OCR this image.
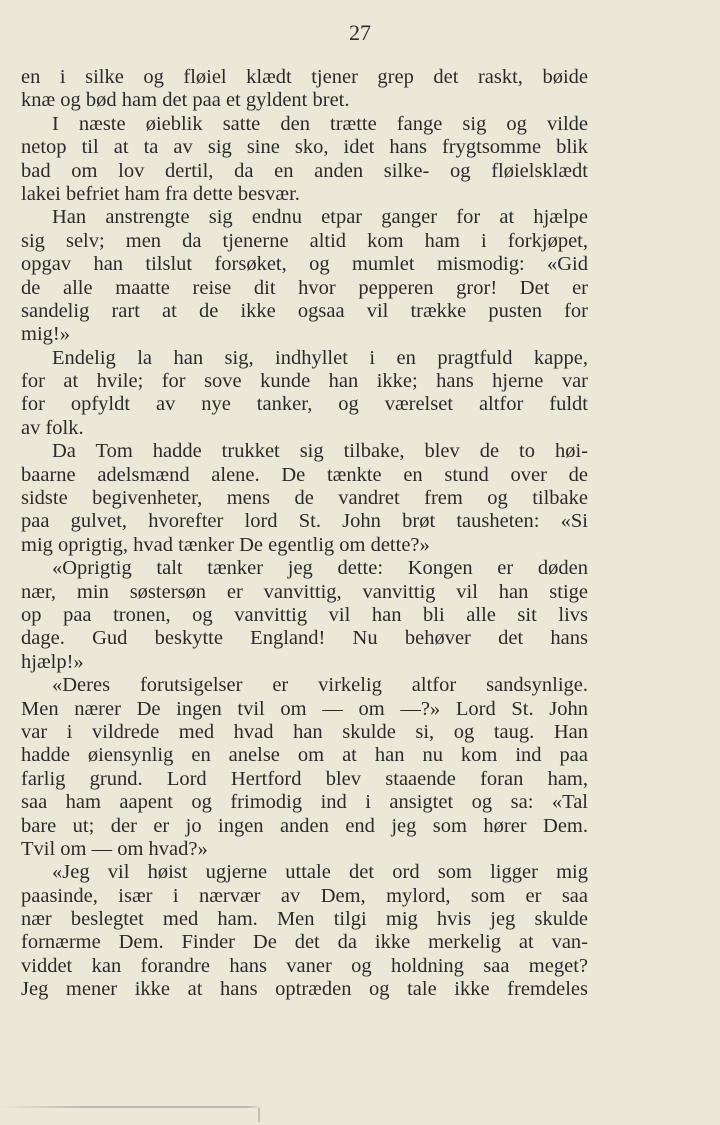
27
en i silke og fløiel klædt tjener grep det raskt, bøide
knæ og bød ham det paa et gyldent bret.
I næste øieblik satte den trætte fange sig og vilde
netop til at ta av sig sine sko, idet hans frygtsomme blik
bad om lov dertil, da en anden silke- og fløielsklædt
lakei befriet ham fra dette besvær.
Han anstrengte sig endnu etpar ganger for at hjælpe
sig selv; men da tjenerne altid kom ham i forkjøpet,
opgav han tilslut forsøket, og mumlet mismodig: «Gid
de alle maatte reise dit hvor pepperen gror! Det er
sandelig rart at de ikke ogsaa vil trække pusten for
mig!»
Endelig la han sig, indhyllet i en pragtfuld kappe,
for at hvile; for sove kunde han ikke; hans hjerne var
for opfyldt av nye tanker, og værelset altfor fuldt
av folk.
Da Tom hadde trukket sig tilbake, blev de to høi-
baarne adelsmænd alene. De tænkte en stund over de
sidste begivenheter, mens de vandret frem og tilbake
paa gulvet, hvorefter lord St. John brøt taushеten: «Si
mig oprigtig, hvad tænker De egentlig om dette?»
«Oprigtig talt tænker jeg dette: Kongen er døden
nær, min søstersøn er vanvittig, vanvittig vil han stige
op paa tronen, og vanvittig vil han bli alle sit livs
dage. Gud beskytte England! Nu behøver det hans
hjælp!»
«Deres forutsigelser er virkelig altfor sandsynlige.
Men nærer De ingen tvil om — om —?» Lord St. John
var i vildrede med hvad han skulde si, og taug. Han
hadde øiensynlig en anelse om at han nu kom ind paa
farlig grund. Lord Hertford blev staaende foran ham,
saa ham aapent og frimodig ind i ansigtet og sa: «Tal
bare ut; der er jo ingen anden end jeg som hører Dem.
Tvil om — om hvad?»
«Jeg vil høist ugjerne uttale det ord som ligger mig
paasinde, især i nærvær av Dem, mylord, som er saa
nær beslegtet med ham. Men tilgi mig hvis jeg skulde
fornærme Dem. Finder De det da ikke merkelig at van-
viddet kan forandre hans vaner og holdning saa meget?
Jeg mener ikke at hans optræden og tale ikke fremdeles
